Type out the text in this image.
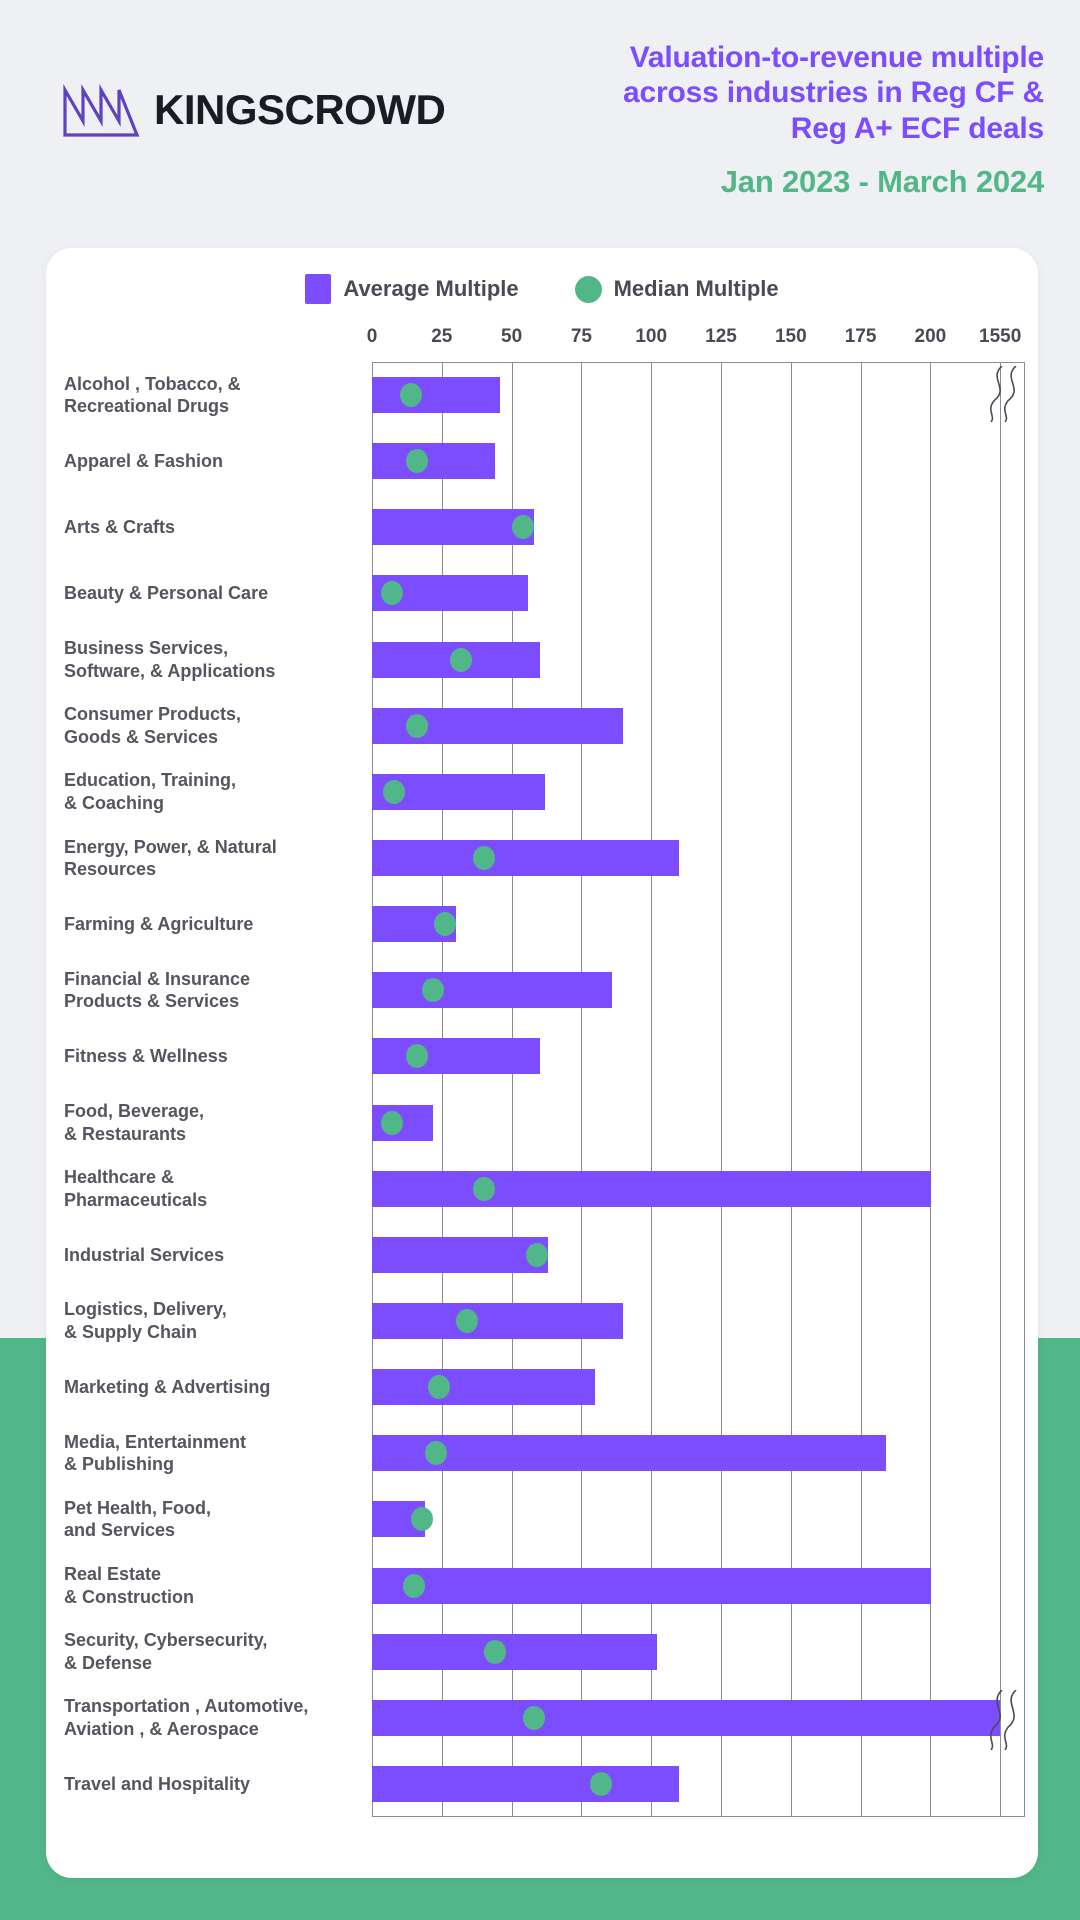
KINGSCROWD
Valuation-to-revenue multiple
across industries in Reg CF &
Reg A+ ECF deals
Jan 2023 - March 2024
Average Multiple	Median Multiple
0	25	50	75 100 125 150 175 200 1550
Alcohol , Tobacco, &
Recreational Drugs
Apparel & Fashion
Arts & Crafts
Beauty & Personal Care
Business Services,
Software, & Applications
Consumer Products,
Goods & Services
Education, Training,
& Coaching
Energy, Power, & Natural
Resources
Farming & Agriculture
Financial & Insurance
Products & Services
Fitness & Wellness
Food, Beverage,
& Restaurants
Healthcare &
Pharmaceuticals
Industrial Services
Logistics, Delivery,
& Supply Chain
Marketing & Advertising
Media, Entertainment
& Publishing
Pet Health, Food,
and Services
Real Estate
& Construction
Security, Cybersecurity,
& Defense
Transportation , Automotive,
Aviation , & Aerospace
Travel and Hospitality
